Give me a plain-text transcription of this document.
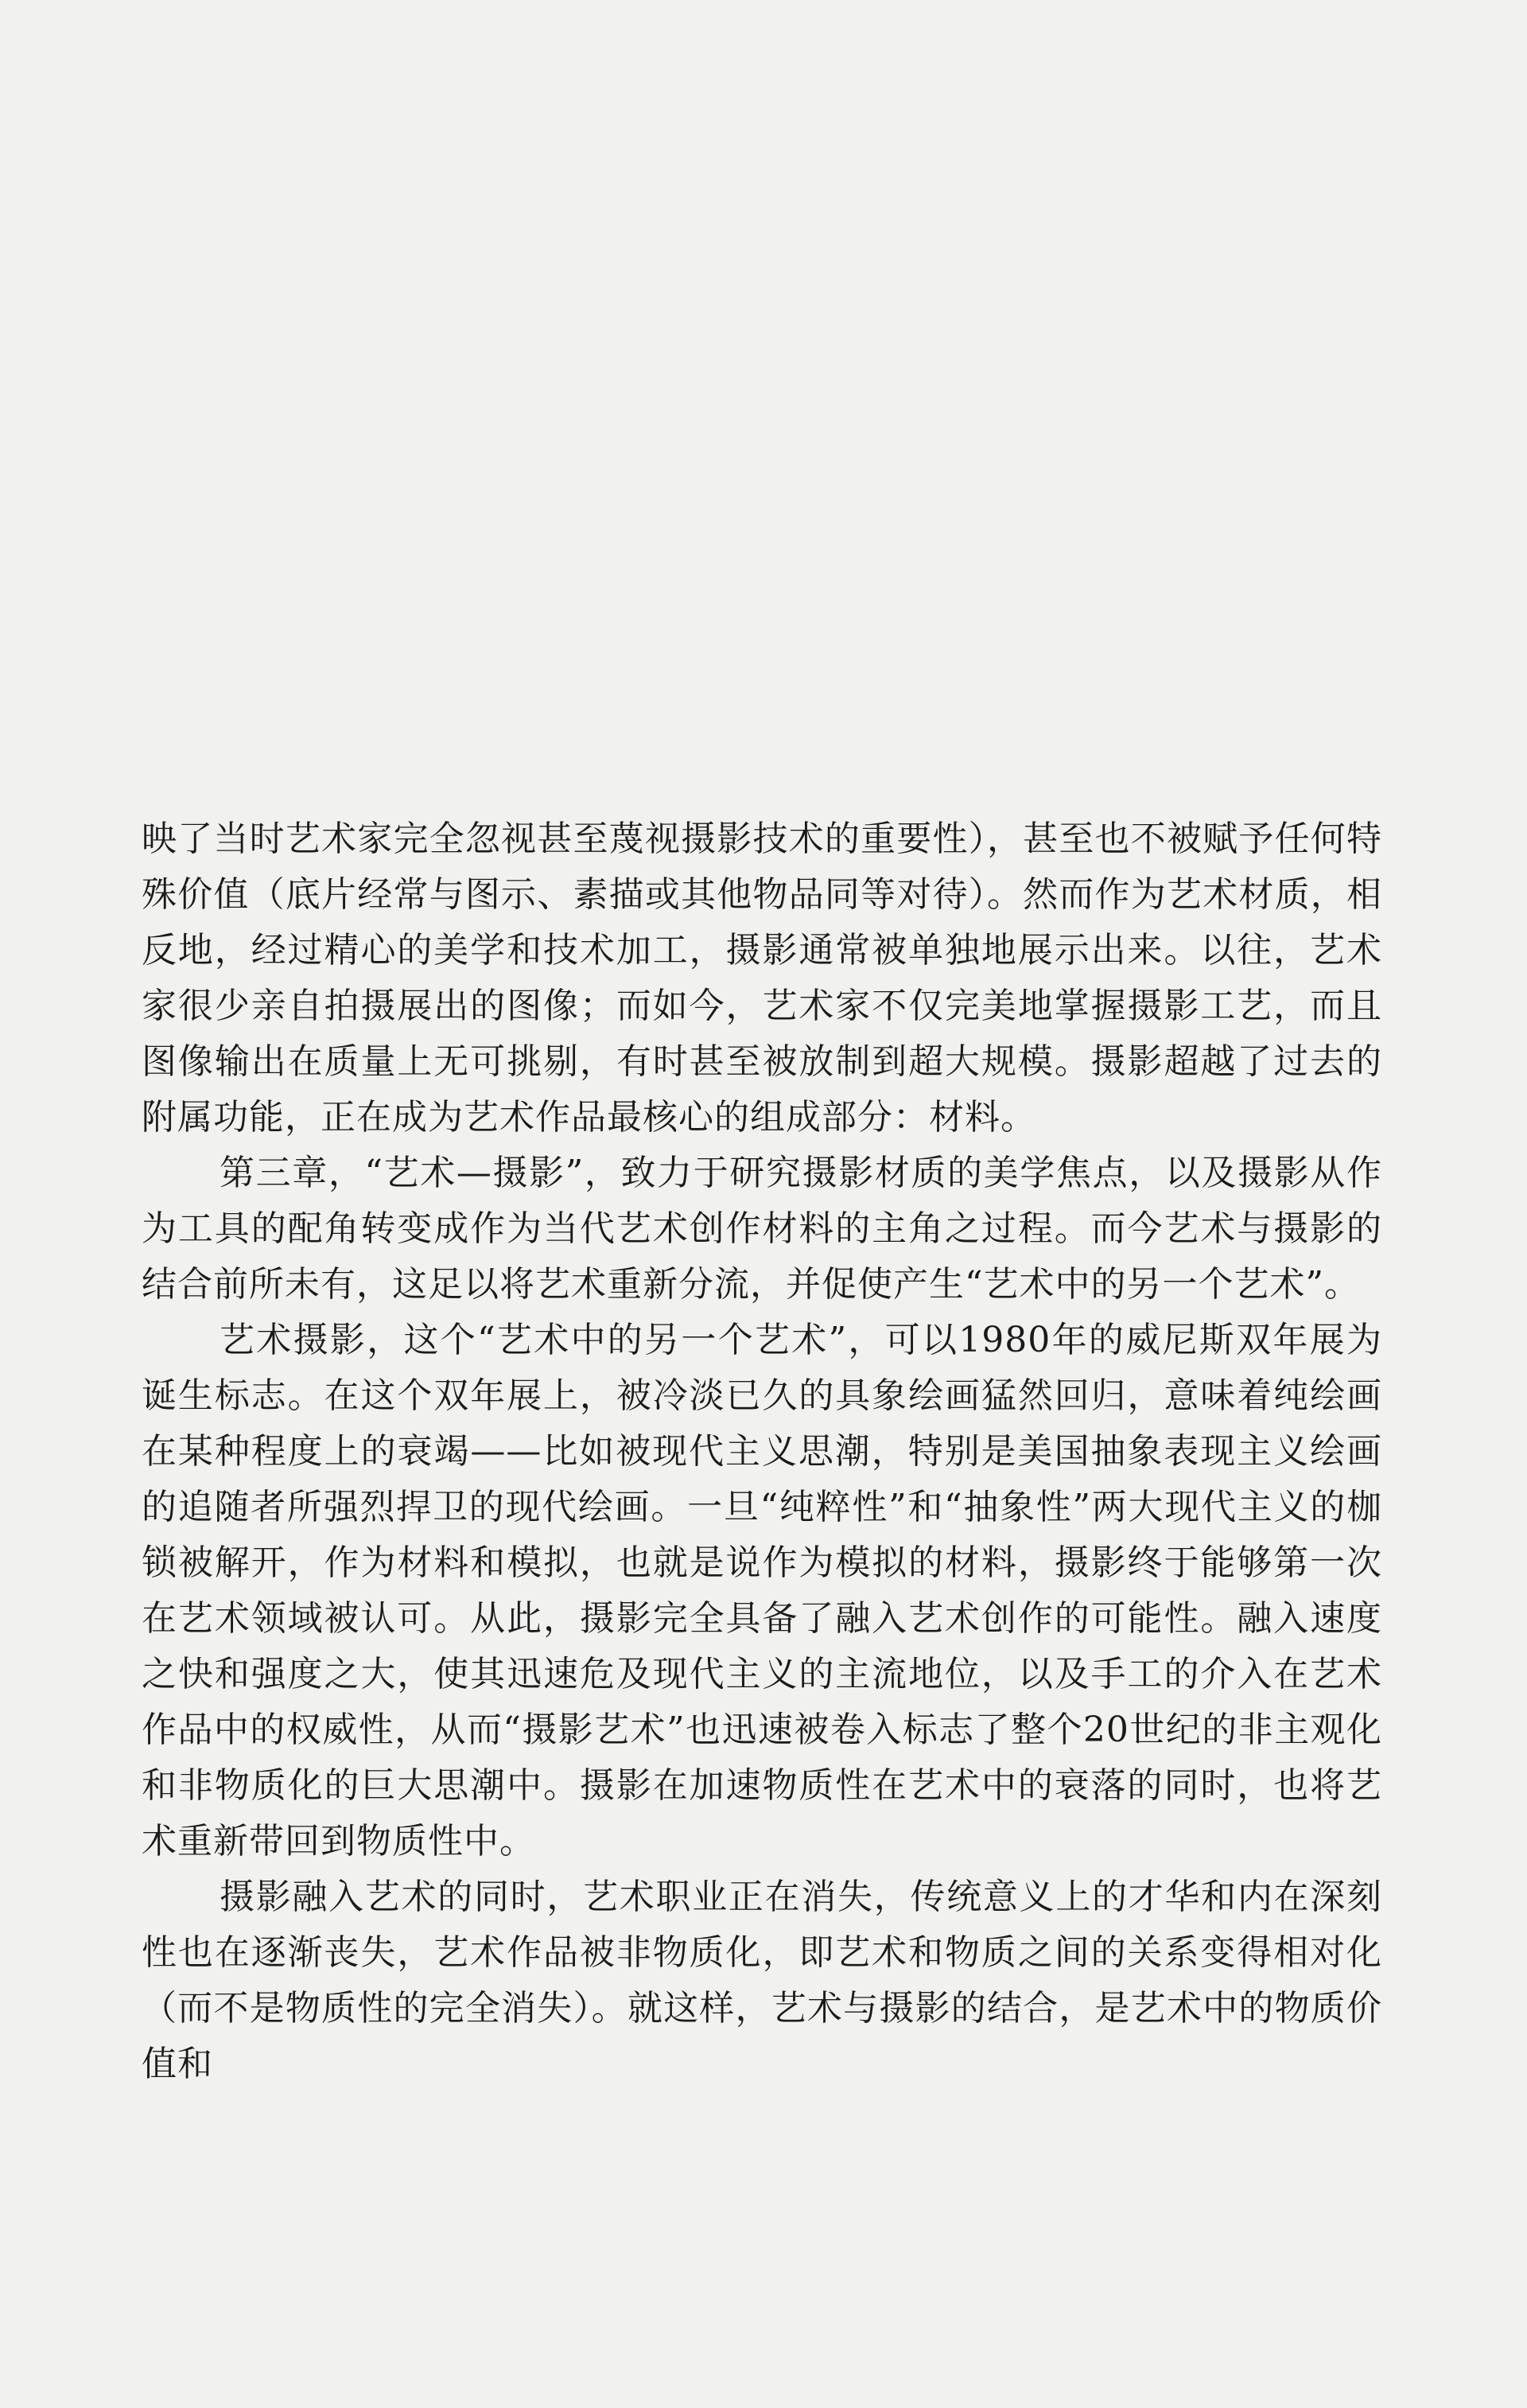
映了当时艺术家完全忽视甚至蔑视摄影技术的重要性），甚至也不被赋予任何特殊价值（底片经常与图示、素描或其他物品同等对待）。然而作为艺术材质，相反地，经过精心的美学和技术加工，摄影通常被单独地展示出来。以往，艺术家很少亲自拍摄展出的图像；而如今，艺术家不仅完美地掌握摄影工艺，而且图像输出在质量上无可挑剔，有时甚至被放制到超大规模。摄影超越了过去的附属功能，正在成为艺术作品最核心的组成部分：材料。

第三章，“艺术—摄影”，致力于研究摄影材质的美学焦点，以及摄影从作为工具的配角转变成作为当代艺术创作材料的主角之过程。而今艺术与摄影的结合前所未有，这足以将艺术重新分流，并促使产生“艺术中的另一个艺术”。

艺术摄影，这个“艺术中的另一个艺术”，可以1980年的威尼斯双年展为诞生标志。在这个双年展上，被冷淡已久的具象绘画猛然回归，意味着纯绘画在某种程度上的衰竭——比如被现代主义思潮，特别是美国抽象表现主义绘画的追随者所强烈捍卫的现代绘画。一旦“纯粹性”和“抽象性”两大现代主义的枷锁被解开，作为材料和模拟，也就是说作为模拟的材料，摄影终于能够第一次在艺术领域被认可。从此，摄影完全具备了融入艺术创作的可能性。融入速度之快和强度之大，使其迅速危及现代主义的主流地位，以及手工的介入在艺术作品中的权威性，从而“摄影艺术”也迅速被卷入标志了整个20世纪的非主观化和非物质化的巨大思潮中。摄影在加速物质性在艺术中的衰落的同时，也将艺术重新带回到物质性中。

摄影融入艺术的同时，艺术职业正在消失，传统意义上的才华和内在深刻性也在逐渐丧失，艺术作品被非物质化，即艺术和物质之间的关系变得相对化（而不是物质性的完全消失）。就这样，艺术与摄影的结合，是艺术中的物质价值和
